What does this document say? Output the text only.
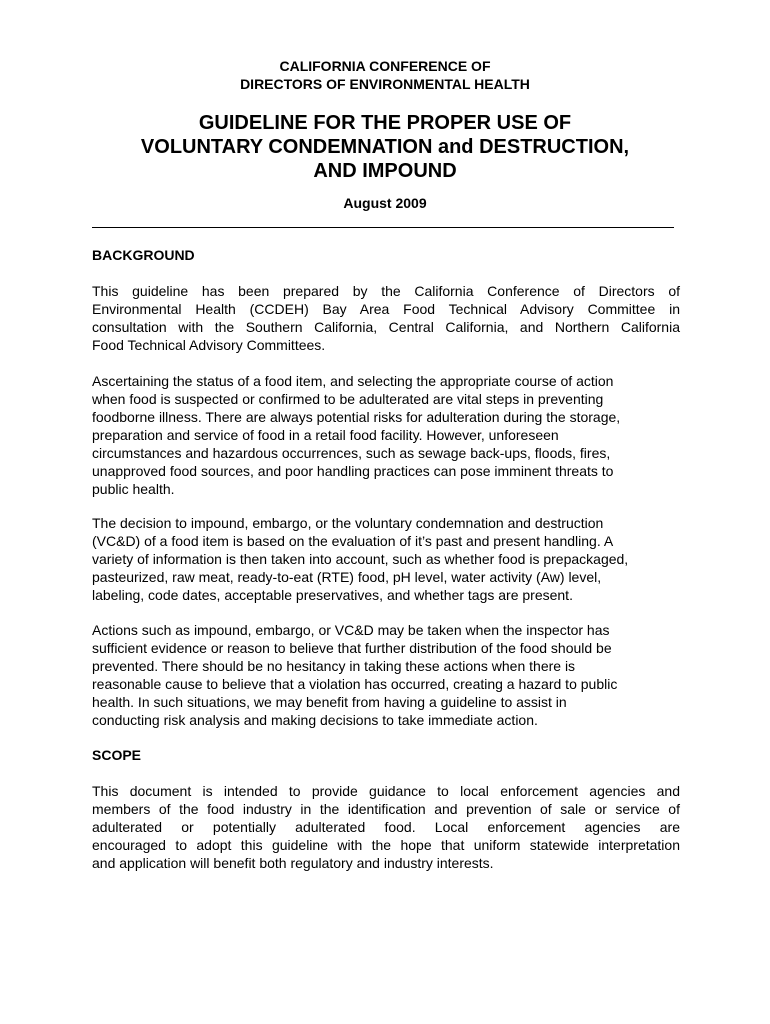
CALIFORNIA CONFERENCE OF
DIRECTORS OF ENVIRONMENTAL HEALTH
GUIDELINE FOR THE PROPER USE OF
VOLUNTARY CONDEMNATION and DESTRUCTION,
AND IMPOUND
August 2009
BACKGROUND

This guideline has been prepared by the California Conference of Directors of
Environmental Health (CCDEH) Bay Area Food Technical Advisory Committee in
consultation with the Southern California, Central California, and Northern California
Food Technical Advisory Committees.

Ascertaining the status of a food item, and selecting the appropriate course of action
when food is suspected or confirmed to be adulterated are vital steps in preventing
foodborne illness. There are always potential risks for adulteration during the storage,
preparation and service of food in a retail food facility. However, unforeseen
circumstances and hazardous occurrences, such as sewage back-ups, floods, fires,
unapproved food sources, and poor handling practices can pose imminent threats to
public health.

The decision to impound, embargo, or the voluntary condemnation and destruction
(VC&D) of a food item is based on the evaluation of it’s past and present handling. A
variety of information is then taken into account, such as whether food is prepackaged,
pasteurized, raw meat, ready-to-eat (RTE) food, pH level, water activity (Aw) level,
labeling, code dates, acceptable preservatives, and whether tags are present.

Actions such as impound, embargo, or VC&D may be taken when the inspector has
sufficient evidence or reason to believe that further distribution of the food should be
prevented. There should be no hesitancy in taking these actions when there is
reasonable cause to believe that a violation has occurred, creating a hazard to public
health. In such situations, we may benefit from having a guideline to assist in
conducting risk analysis and making decisions to take immediate action.

SCOPE

This document is intended to provide guidance to local enforcement agencies and
members of the food industry in the identification and prevention of sale or service of
adulterated or potentially adulterated food. Local enforcement agencies are
encouraged to adopt this guideline with the hope that uniform statewide interpretation
and application will benefit both regulatory and industry interests.
